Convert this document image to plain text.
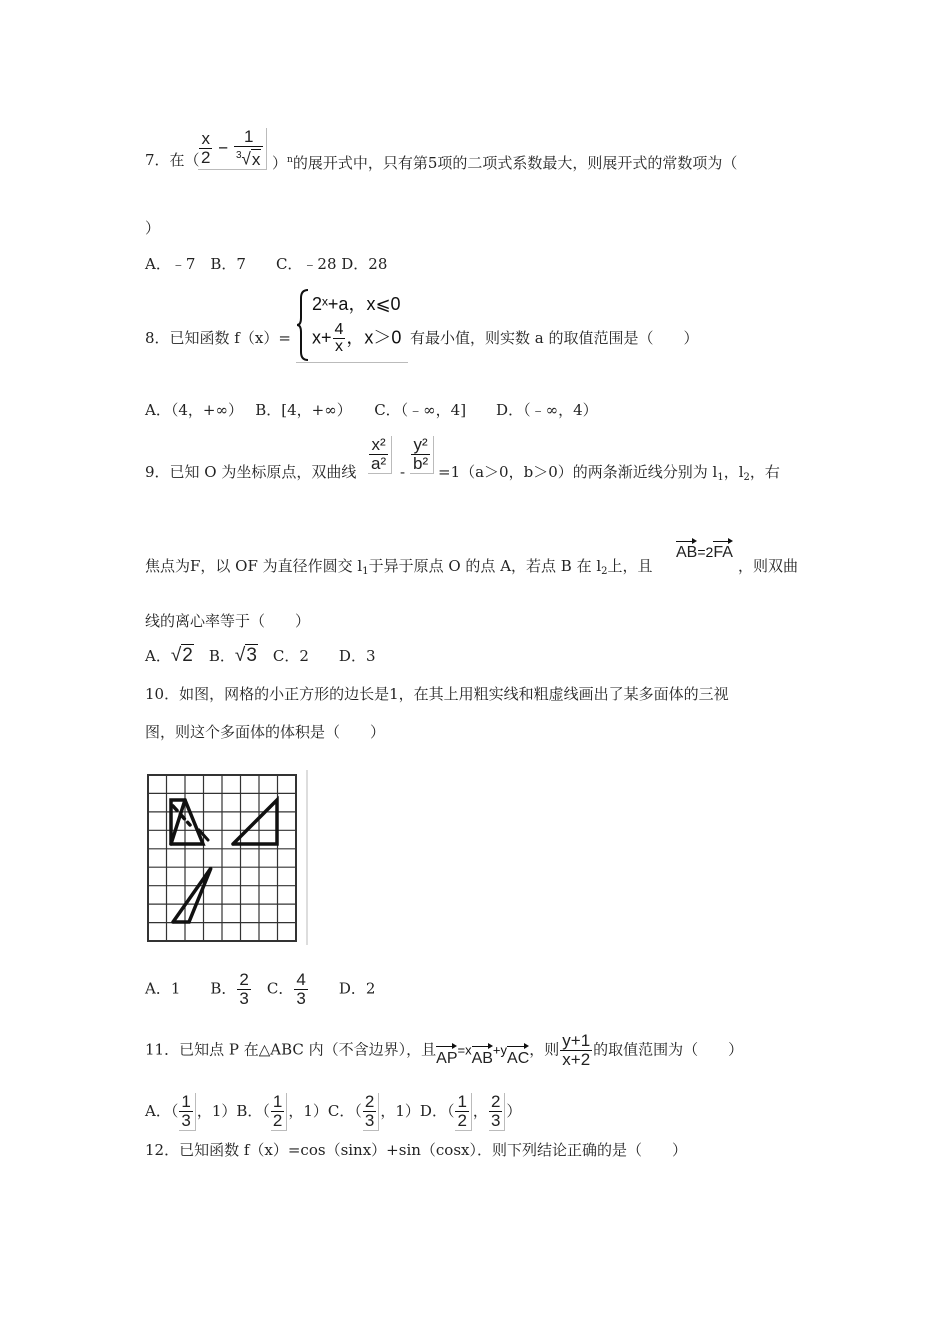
7．在（ $\frac{x}{2} - \frac{1}{^3√x} )^n$的展开式中，只有第5项的二项式系数最大，则展开式的常数项为（
）
A．﹣7　B．7　　C．﹣28 D．28
8．已知函数 f（x）=
2ˣ+a，x⩽0
$x+ \frac{4}{x}$ ，x＞0 有最小值，则实数 a 的取值范围是（　　）
A．（4，+∞）　 B．[4，+∞）　　C．（﹣∞，4]　　D．（﹣∞，4）
9．已知 O 为坐标原点，双曲线 $\frac{\text{x²}}{\text{a²}} - \frac{\text{y²}}{\text{b²}} =1(a>0$，b＞0）的两条渐近线分别为 $l_1$，$l_2$，右
焦点为F，以 OF 为直径作圆交 $l_1$于异于原点 O 的点 A，若点 B 在 $l_2$上，且
AB=2FA
，则双曲
线的离心率等于（　　）
A．√2　B．√3　C．2　　D．3
10．如图，网格的小正方形的边长是1，在其上用粗实线和粗虚线画出了某多面体的三视
图，则这个多面体的体积是（　　）
A．1　　B． $\frac{2}{3}$ 　C． $\frac{4}{3}$ 　　D．2
11．已知点 P 在△ABC 内（不含边界），且AP=xAB+yAC，则 $\frac{y+1}{x+2}$ 的取值范围为（　　）
A．（ $\frac{1}{3}$ ，1）B．（ $\frac{1}{2}$ ，1）C．（ $\frac{2}{3}$ ，1）D．（ $\frac{1}{2}$ ， $\frac{2}{3}$ ）
12．已知函数 f（x）=cos（sinx）+sin（cosx）．则下列结论正确的是（　　）
